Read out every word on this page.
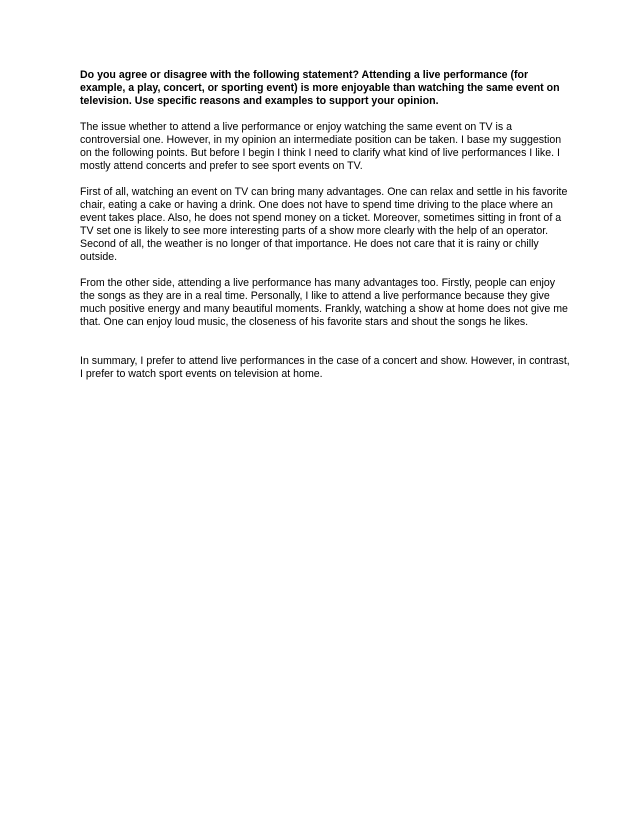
Do you agree or disagree with the following statement? Attending a live performance (for example, a play, concert, or sporting event) is more enjoyable than watching the same event on television. Use specific reasons and examples to support your opinion.

The issue whether to attend a live performance or enjoy watching the same event on TV is a controversial one. However, in my opinion an intermediate position can be taken. I base my suggestion on the following points. But before I begin I think I need to clarify what kind of live performances I like. I mostly attend concerts and prefer to see sport events on TV.

First of all, watching an event on TV can bring many advantages. One can relax and settle in his favorite chair, eating a cake or having a drink. One does not have to spend time driving to the place where an event takes place. Also, he does not spend money on a ticket. Moreover, sometimes sitting in front of a TV set one is likely to see more interesting parts of a show more clearly with the help of an operator. Second of all, the weather is no longer of that importance. He does not care that it is rainy or chilly outside.

From the other side, attending a live performance has many advantages too. Firstly, people can enjoy the songs as they are in a real time. Personally, I like to attend a live performance because they give much positive energy and many beautiful moments. Frankly, watching a show at home does not give me that. One can enjoy loud music, the closeness of his favorite stars and shout the songs he likes.

In summary, I prefer to attend live performances in the case of a concert and show. However, in contrast, I prefer to watch sport events on television at home.
